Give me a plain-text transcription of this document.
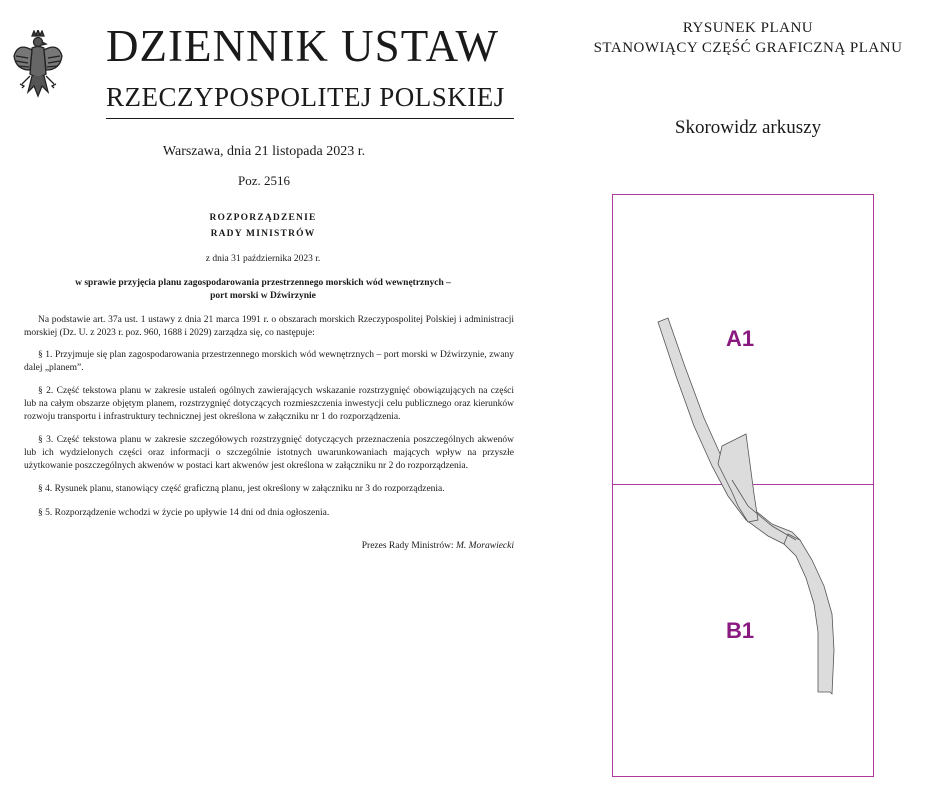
DZIENNIK USTAW
RZECZYPOSPOLITEJ POLSKIEJ
Warszawa, dnia 21 listopada 2023 r.
Poz. 2516
ROZPORZĄDZENIE
RADY MINISTRÓW
z dnia 31 października 2023 r.
w sprawie przyjęcia planu zagospodarowania przestrzennego morskich wód wewnętrznych –
port morski w Dźwirzynie
Na podstawie art. 37a ust. 1 ustawy z dnia 21 marca 1991 r. o obszarach morskich Rzeczypospolitej Polskiej i administracji morskiej (Dz. U. z 2023 r. poz. 960, 1688 i 2029) zarządza się, co następuje:
§ 1. Przyjmuje się plan zagospodarowania przestrzennego morskich wód wewnętrznych – port morski w Dźwirzynie, zwany dalej „planem”.
§ 2. Część tekstowa planu w zakresie ustaleń ogólnych zawierających wskazanie rozstrzygnięć obowiązujących na części lub na całym obszarze objętym planem, rozstrzygnięć dotyczących rozmieszczenia inwestycji celu publicznego oraz kierunków rozwoju transportu i infrastruktury technicznej jest określona w załączniku nr 1 do rozporządzenia.
§ 3. Część tekstowa planu w zakresie szczegółowych rozstrzygnięć dotyczących przeznaczenia poszczególnych akwenów lub ich wydzielonych części oraz informacji o szczególnie istotnych uwarunkowaniach mających wpływ na przyszłe użytkowanie poszczególnych akwenów w postaci kart akwenów jest określona w załączniku nr 2 do rozporządzenia.
§ 4. Rysunek planu, stanowiący część graficzną planu, jest określony w załączniku nr 3 do rozporządzenia.
§ 5. Rozporządzenie wchodzi w życie po upływie 14 dni od dnia ogłoszenia.
Prezes Rady Ministrów: M. Morawiecki
RYSUNEK PLANU
STANOWIĄCY CZĘŚĆ GRAFICZNĄ PLANU
Skorowidz arkuszy
A1
B1
